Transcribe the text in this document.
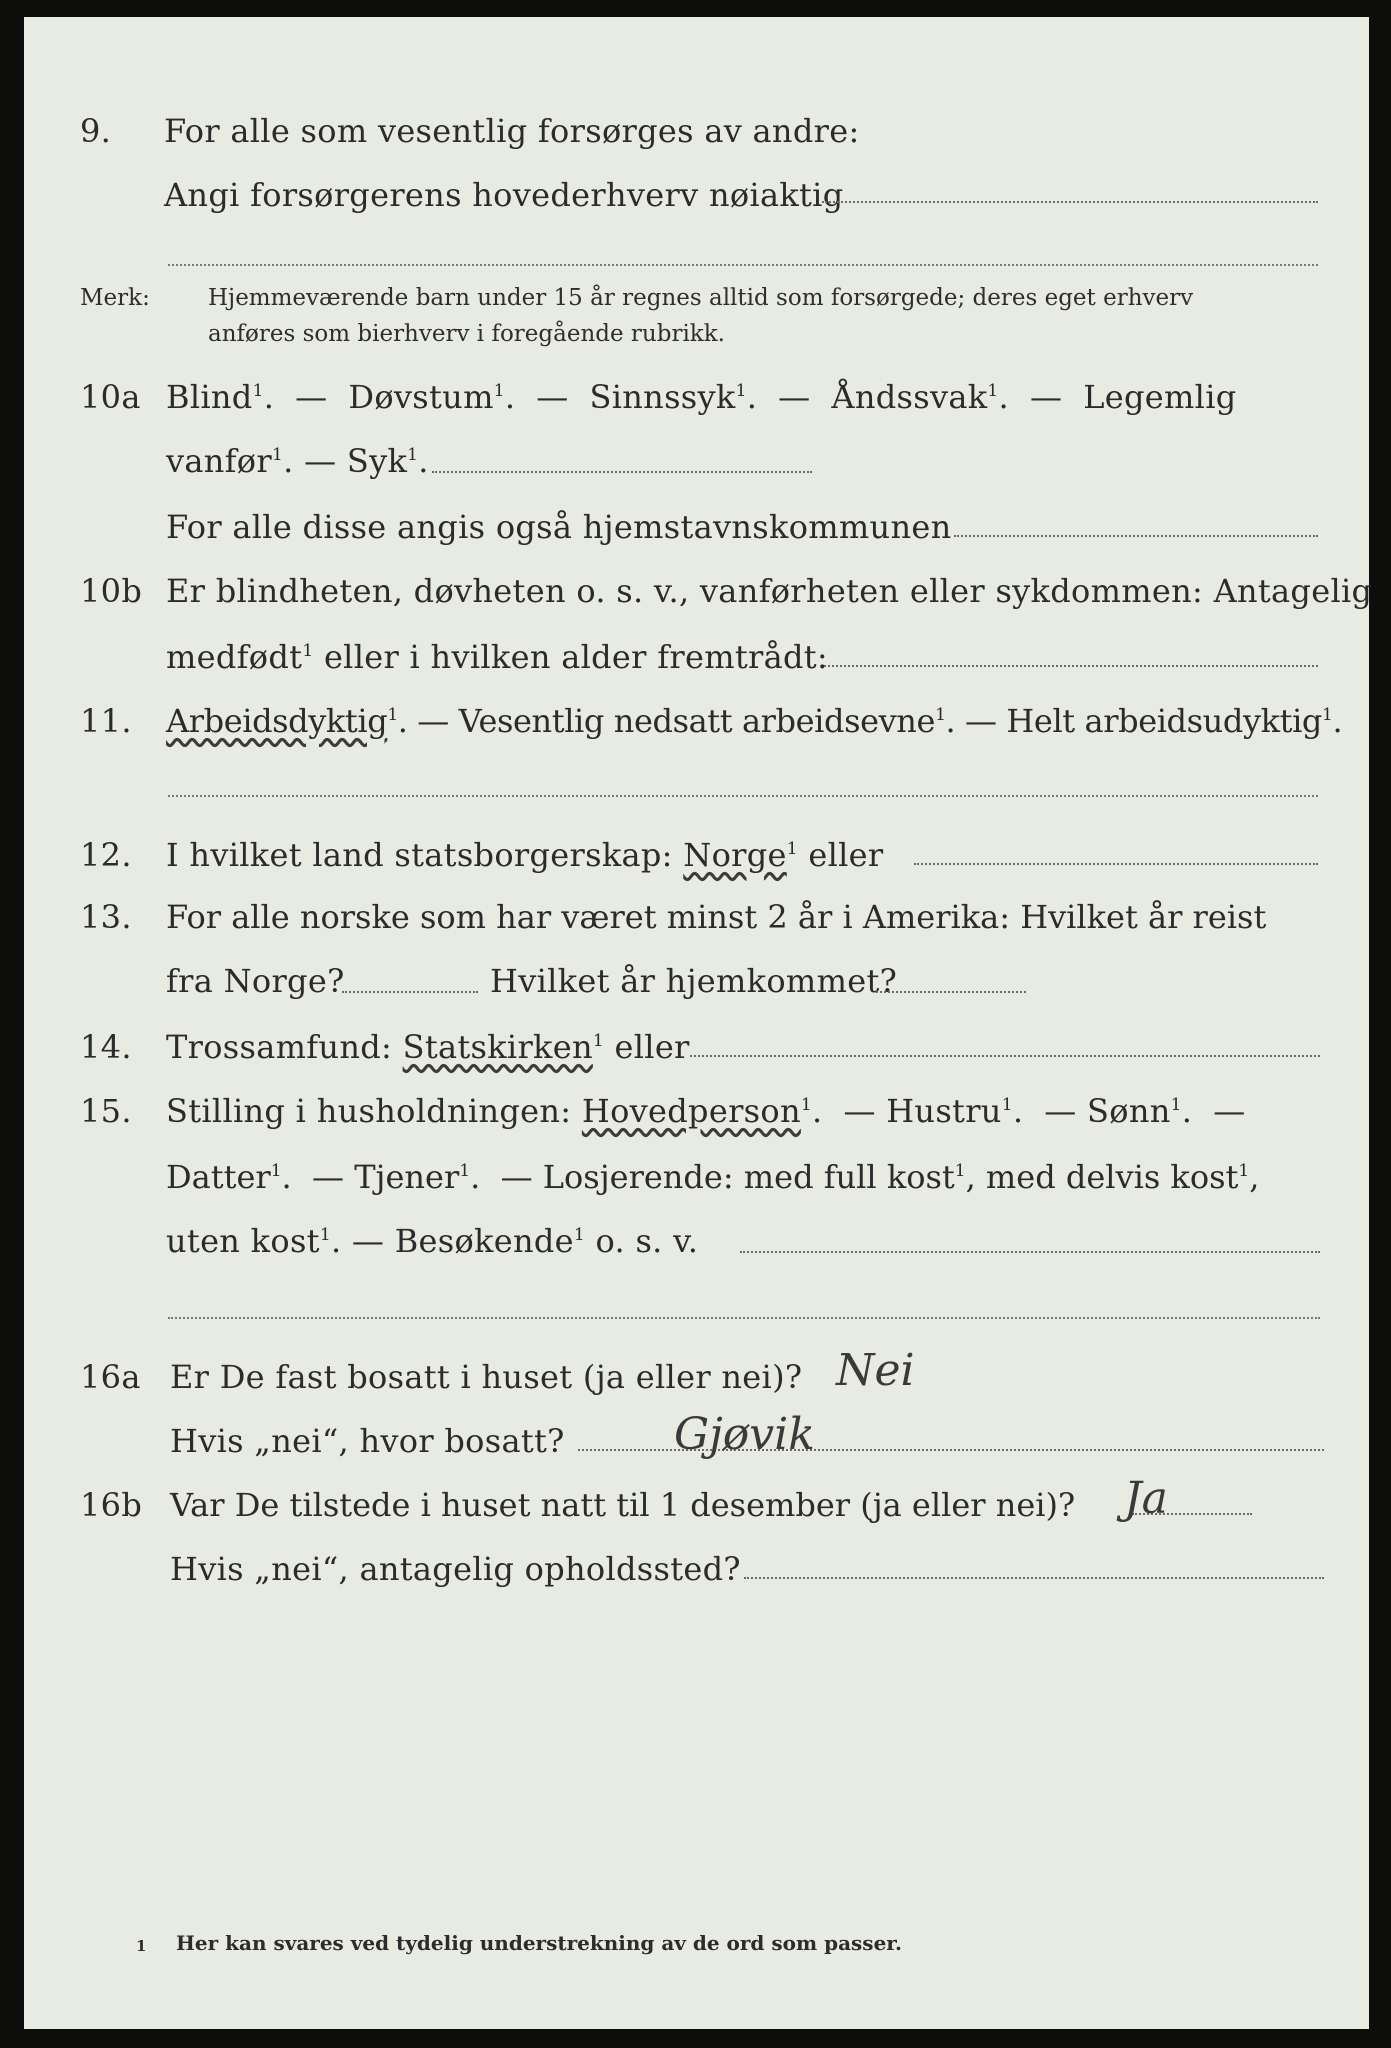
9. For alle som vesentlig forsørges av andre:
Angi forsørgerens hovederhverv nøiaktig
Merk:	Hjemmeværende barn under 15 år regnes alltid som forsørgede; deres eget erhverv
anføres som bierhverv i foregående rubrikk.
10a Blind$^1$.  —  Døvstum$^1$.  —  Sinnssyk$^1$.  —  Åndssvak$^1$.  —  Legemlig
vanfør$^1$. — Syk$^1$.
For alle disse angis også hjemstavnskommunen
10b Er blindheten, døvheten o. s. v., vanførheten eller sykdommen: Antagelig
medfødt$^1$ eller i hvilken alder fremtrådt:
11. Arbeidsdyktig$^1$. — Vesentlig nedsatt arbeidsevne$^1$. — Helt arbeidsudyktig$^1$.
12. I hvilket land statsborgerskap: Norge$^1$ eller
13. For alle norske som har været minst 2 år i Amerika: Hvilket år reist
fra Norge?	Hvilket år hjemkommet?
14. Trossamfund: Statskirken$^1$ eller
15. Stilling i husholdningen: Hovedperson$^1$. — Hustru$^1$. — Sønn$^1$. —
Datter$^1$. — Tjener$^1$. — Losjerende: med full kost$^1$, med delvis kost$^1$,
uten kost$^1$. — Besøkende$^1$ o. s. v.
16a Er De fast bosatt i huset (ja eller nei)? Nei
Hvis „nei“, hvor bosatt? Gjøvik
16b Var De tilstede i huset natt til 1 desember (ja eller nei)? Ja
Hvis „nei“, antagelig opholdssted?
1 Her kan svares ved tydelig understrekning av de ord som passer.
